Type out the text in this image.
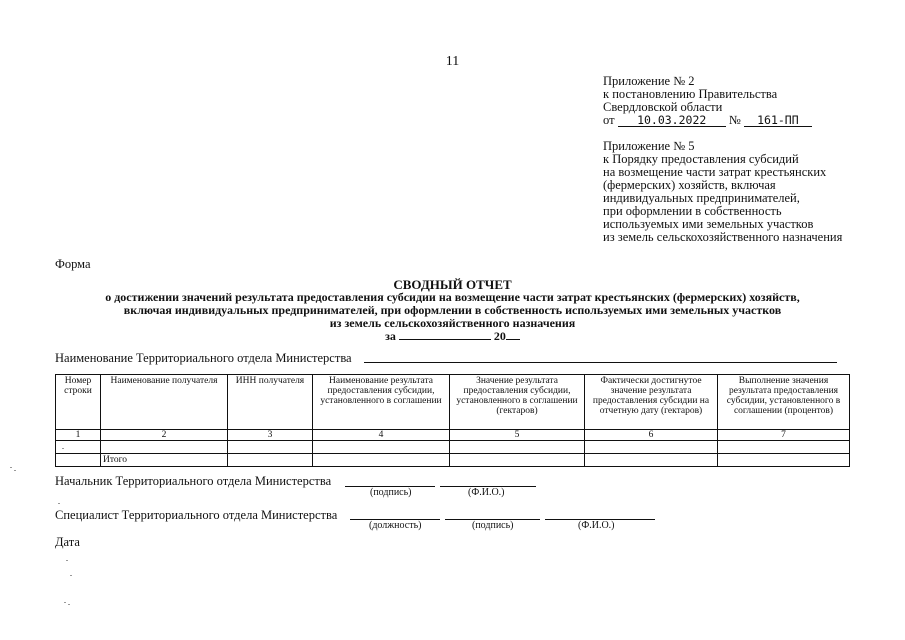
11
Приложение № 2
к постановлению Правительства
Свердловской области
от 10.03.2022 № 161-ПП
Приложение № 5
к Порядку предоставления субсидий
на возмещение части затрат крестьянских
(фермерских) хозяйств, включая
индивидуальных предпринимателей,
при оформлении в собственность
используемых ими земельных участков
из земель сельскохозяйственного назначения
Форма
СВОДНЫЙ ОТЧЕТ
о достижении значений результата предоставления субсидии на возмещение части затрат крестьянских (фермерских) хозяйств,
включая индивидуальных предпринимателей, при оформлении в собственность используемых ими земельных участков
из земель сельскохозяйственного назначения
за	20
Наименование Территориального отдела Министерства
Номер строки	Наименование получателя	ИНН получателя	Наименование результата предоставления субсидии, установленного в соглашении	Значение результата предоставления субсидии, установленного в соглашении (гектаров)	Фактически достигнутое значение результата предоставления субсидии на отчетную дату (гектаров)	Выполнение значения результата предоставления субсидии, установленного в соглашении (процентов)
1	2	3	4	5	6	7

	Итого					
Начальник Территориального отдела Министерства
(подпись)	(Ф.И.О.)
Специалист Территориального отдела Министерства
(должность)	(подпись)	(Ф.И.О.)
Дата
